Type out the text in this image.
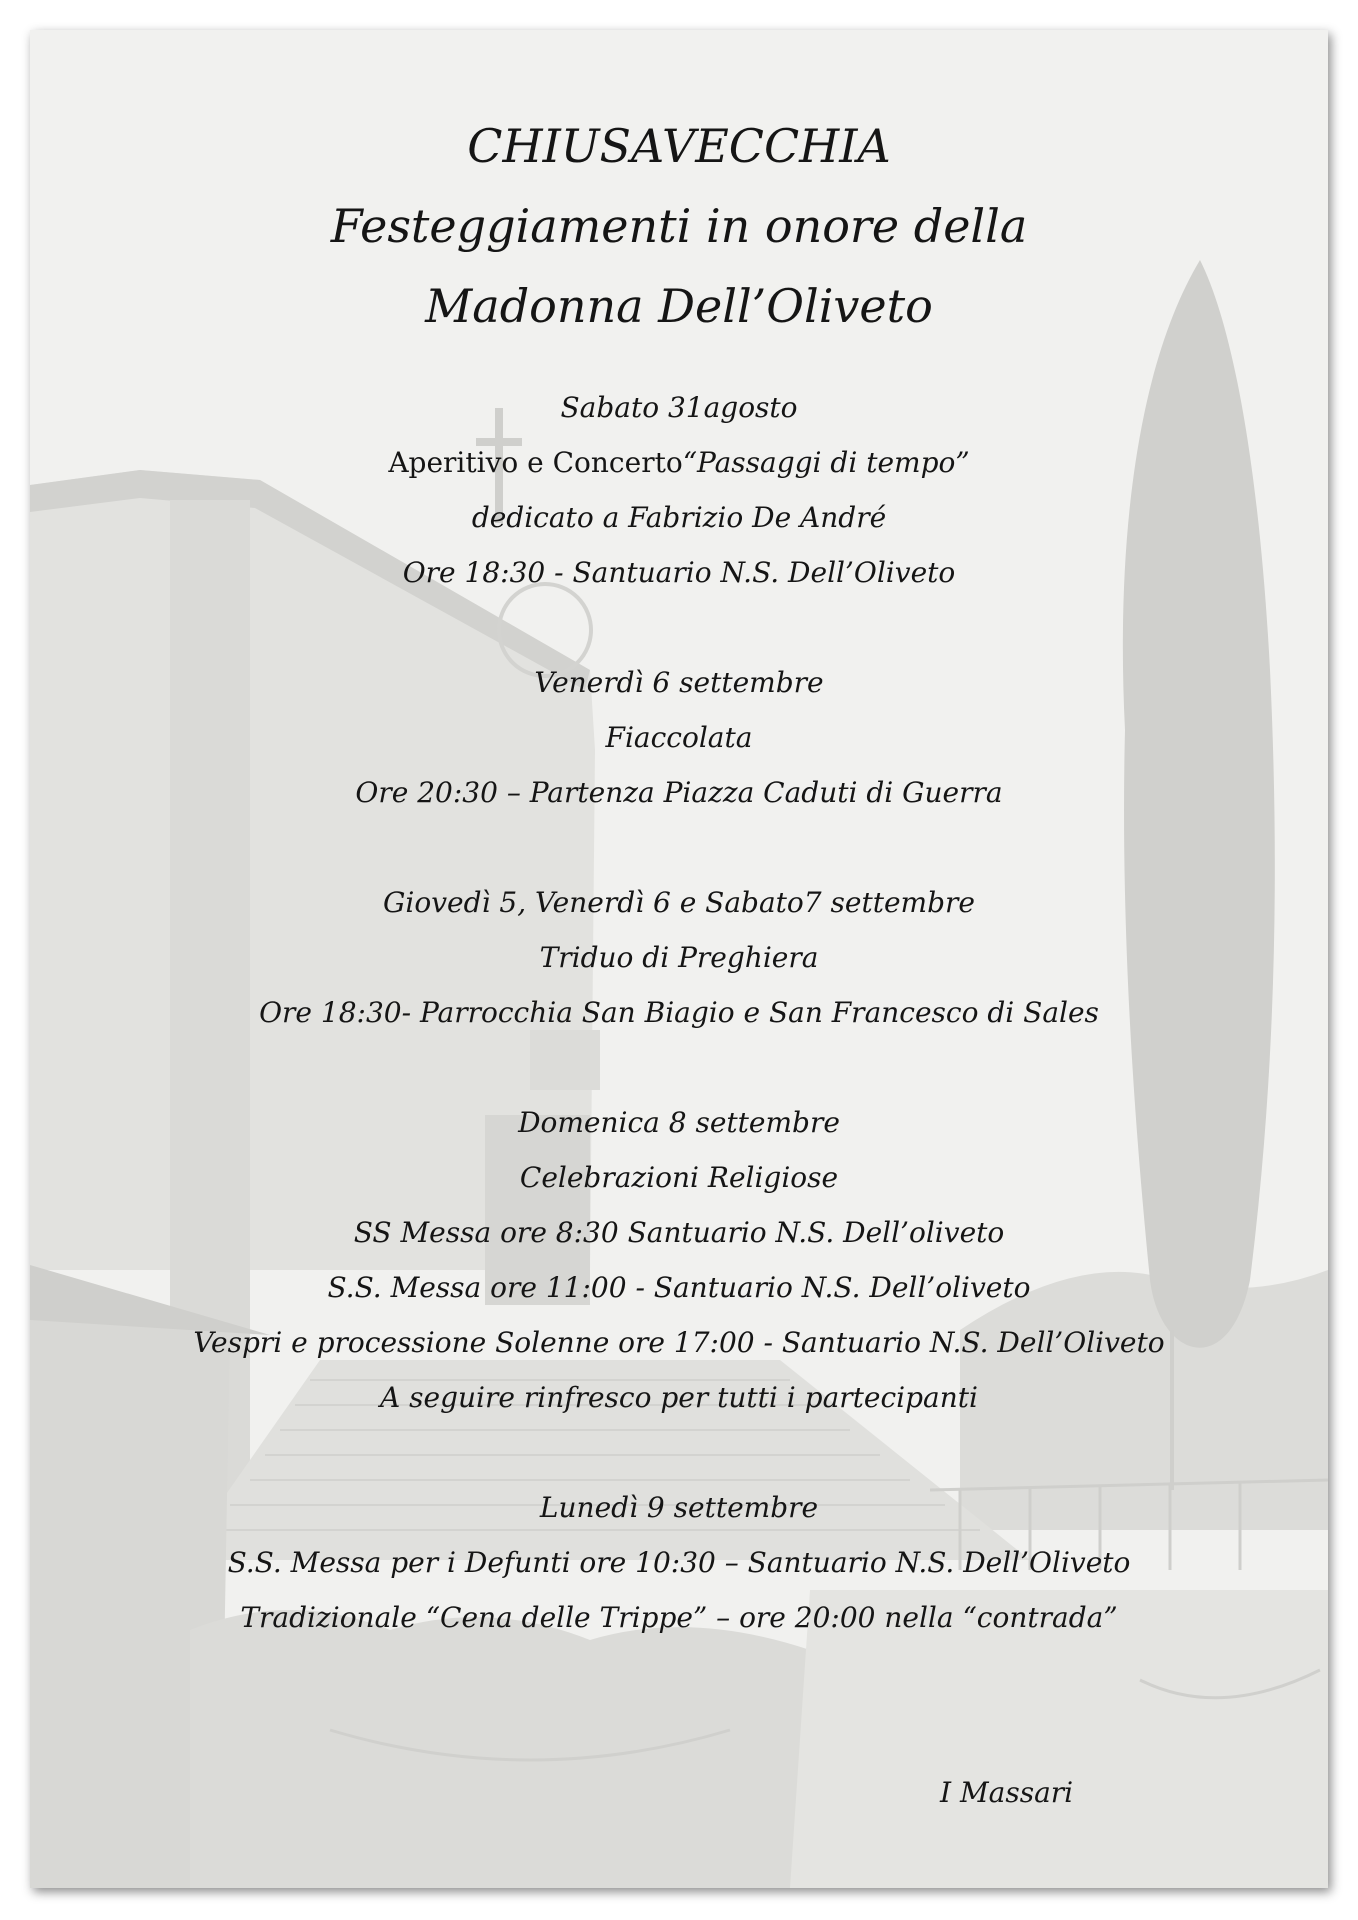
CHIUSAVECCHIA
Festeggiamenti in onore della
Madonna Dell’Oliveto
Sabato 31agosto
Aperitivo e Concerto“Passaggi di tempo”
dedicato a Fabrizio De André
Ore 18:30 - Santuario N.S. Dell’Oliveto
Venerdì 6 settembre
Fiaccolata
Ore 20:30 – Partenza Piazza Caduti di Guerra
Giovedì 5, Venerdì 6 e Sabato7 settembre
Triduo di Preghiera
Ore 18:30- Parrocchia San Biagio e San Francesco di Sales
Domenica 8 settembre
Celebrazioni Religiose
SS Messa ore 8:30 Santuario N.S. Dell’oliveto
S.S. Messa ore 11:00 - Santuario N.S. Dell’oliveto
Vespri e processione Solenne ore 17:00 - Santuario N.S. Dell’Oliveto
A seguire rinfresco per tutti i partecipanti
Lunedì 9 settembre
S.S. Messa per i Defunti ore 10:30 – Santuario N.S. Dell’Oliveto
Tradizionale “Cena delle Trippe” – ore 20:00 nella “contrada”
I Massari
